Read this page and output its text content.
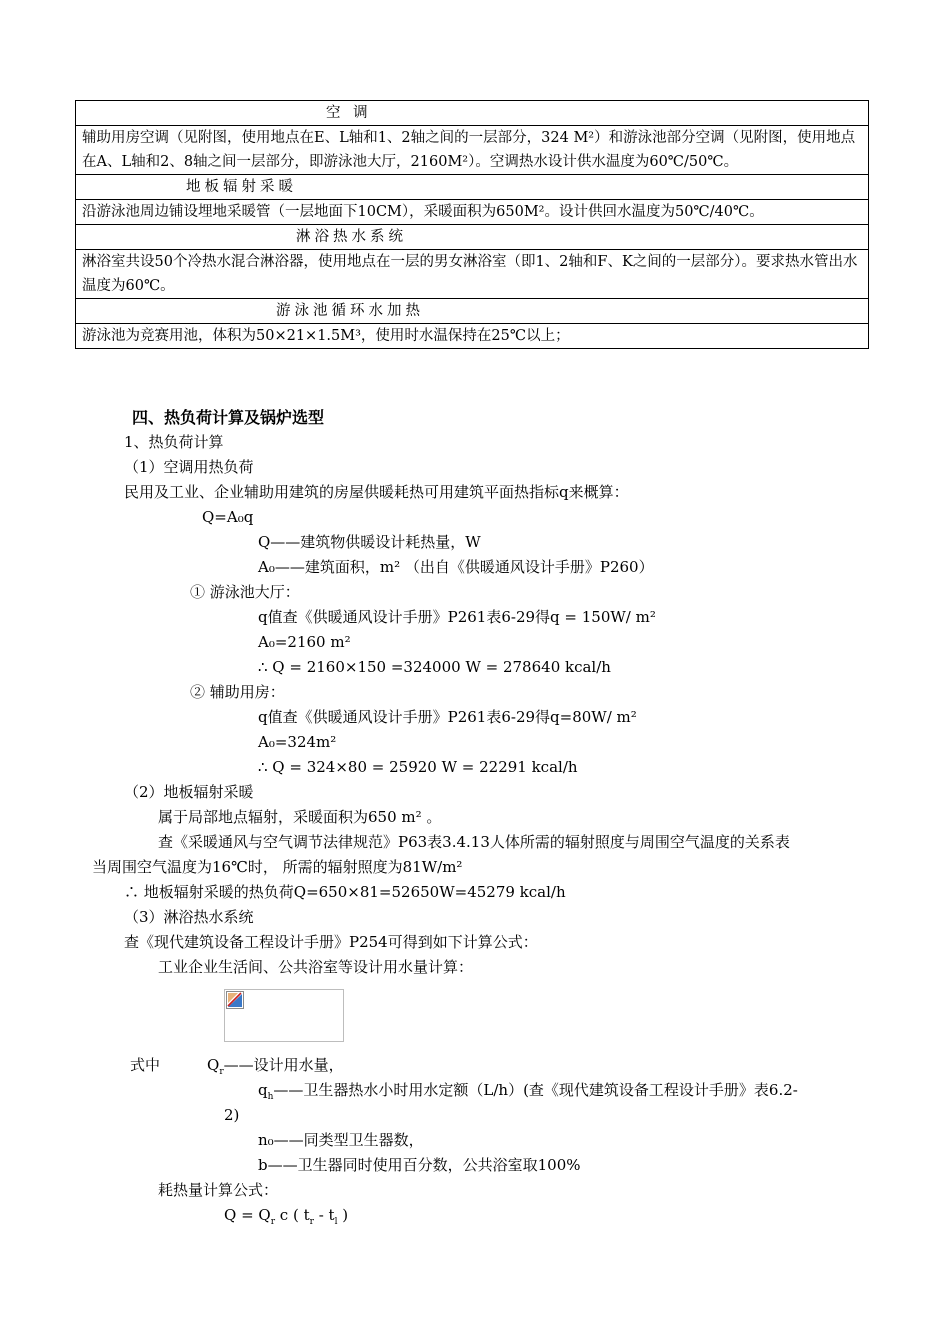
空 调
辅助用房空调（见附图，使用地点在E、L轴和1、2轴之间的一层部分，324 M²）和游泳池部分空调（见附图，使用地点在A、L轴和2、8轴之间一层部分，即游泳池大厅，2160M²）。空调热水设计供水温度为60℃/50℃。
地板辐射采暖
沿游泳池周边铺设埋地采暖管（一层地面下10CM），采暖面积为650M²。设计供回水温度为50℃/40℃。
淋浴热水系统
淋浴室共设50个冷热水混合淋浴器，使用地点在一层的男女淋浴室（即1、2轴和F、K之间的一层部分）。要求热水管出水温度为60℃。
游泳池循环水加热
游泳池为竞赛用池，体积为50×21×1.5M³，使用时水温保持在25℃以上；
四、热负荷计算及锅炉选型
1、热负荷计算
（1）空调用热负荷
民用及工业、企业辅助用建筑的房屋供暖耗热可用建筑平面热指标q来概算：
Q=A₀q
Q——建筑物供暖设计耗热量，W
A₀——建筑面积，m² （出自《供暖通风设计手册》P260）
① 游泳池大厅：
q值查《供暖通风设计手册》P261表6-29得q = 150W/ m²
A₀=2160 m²
∴ Q = 2160×150 =324000 W = 278640 kcal/h
② 辅助用房：
q值查《供暖通风设计手册》P261表6-29得q=80W/ m²
A₀=324m²
∴ Q = 324×80 = 25920 W = 22291 kcal/h
（2）地板辐射采暖
属于局部地点辐射，采暖面积为650 m² 。
查《采暖通风与空气调节法律规范》P63表3.4.13人体所需的辐射照度与周围空气温度的关系表
当周围空气温度为16℃时， 所需的辐射照度为81W/m²
∴ 地板辐射采暖的热负荷Q=650×81=52650W=45279 kcal/h
（3）淋浴热水系统
查《现代建筑设备工程设计手册》P254可得到如下计算公式：
工业企业生活间、公共浴室等设计用水量计算：
式中	$Q_r——$设计用水量，
$q_h——$卫生器热水小时用水定额（L/h）(查《现代建筑设备工程设计手册》表6.2-
2)
n₀——同类型卫生器数，
b——卫生器同时使用百分数，公共浴室取100%
耗热量计算公式：
$Q = Q_r$ c ( $t_r - t_l$ )
